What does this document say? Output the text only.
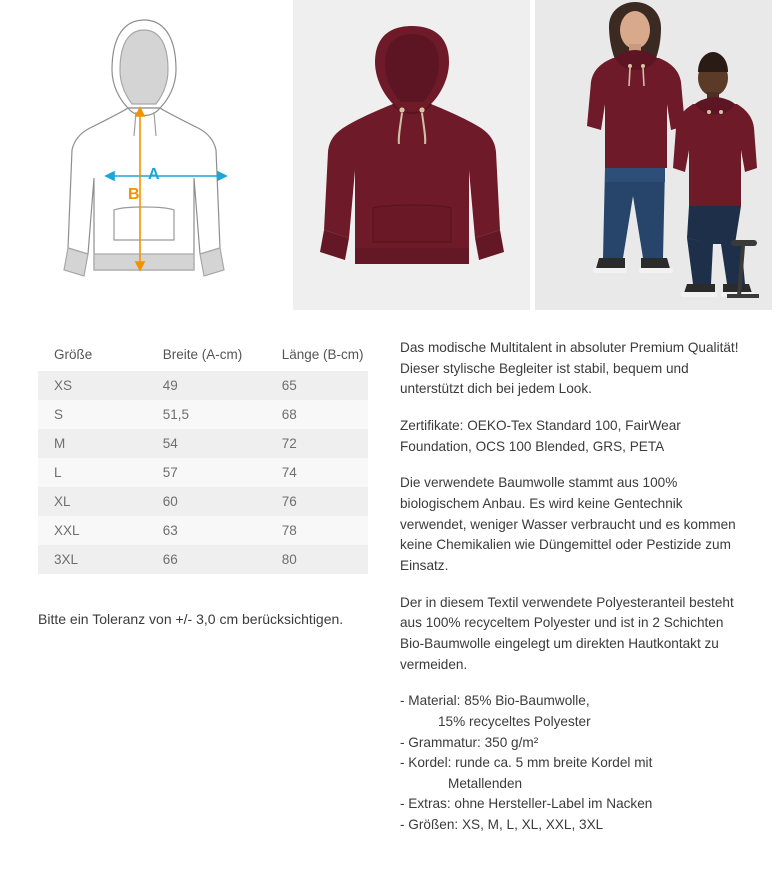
A
B
Größe	Breite (A-cm)	Länge (B-cm)
XS	49	65
S	51,5	68
M	54	72
L	57	74
XL	60	76
XXL	63	78
3XL	66	80
Bitte ein Toleranz von +/- 3,0 cm berücksichtigen.

Das modische Multitalent in absoluter Premium Qualität! Dieser stylische Begleiter ist stabil, bequem und unterstützt dich bei jedem Look.

Zertifikate: OEKO-Tex Standard 100, FairWear Foundation, OCS 100 Blended, GRS, PETA

Die verwendete Baumwolle stammt aus 100% biologischem Anbau. Es wird keine Gentechnik verwendet, weniger Wasser verbraucht und es kommen keine Chemikalien wie Düngemittel oder Pestizide zum Einsatz.

Der in diesem Textil verwendete Polyesteranteil besteht aus 100% recyceltem Polyester und ist in 2 Schichten Bio-Baumwolle eingelegt um direkten Hautkontakt zu vermeiden.

- Material: 85% Bio-Baumwolle,

15% recyceltes Polyester

- Grammatur: 350 g/m²

- Kordel: runde ca. 5 mm breite Kordel mit

Metallenden

- Extras: ohne Hersteller-Label im Nacken

- Größen: XS, M, L, XL, XXL, 3XL
